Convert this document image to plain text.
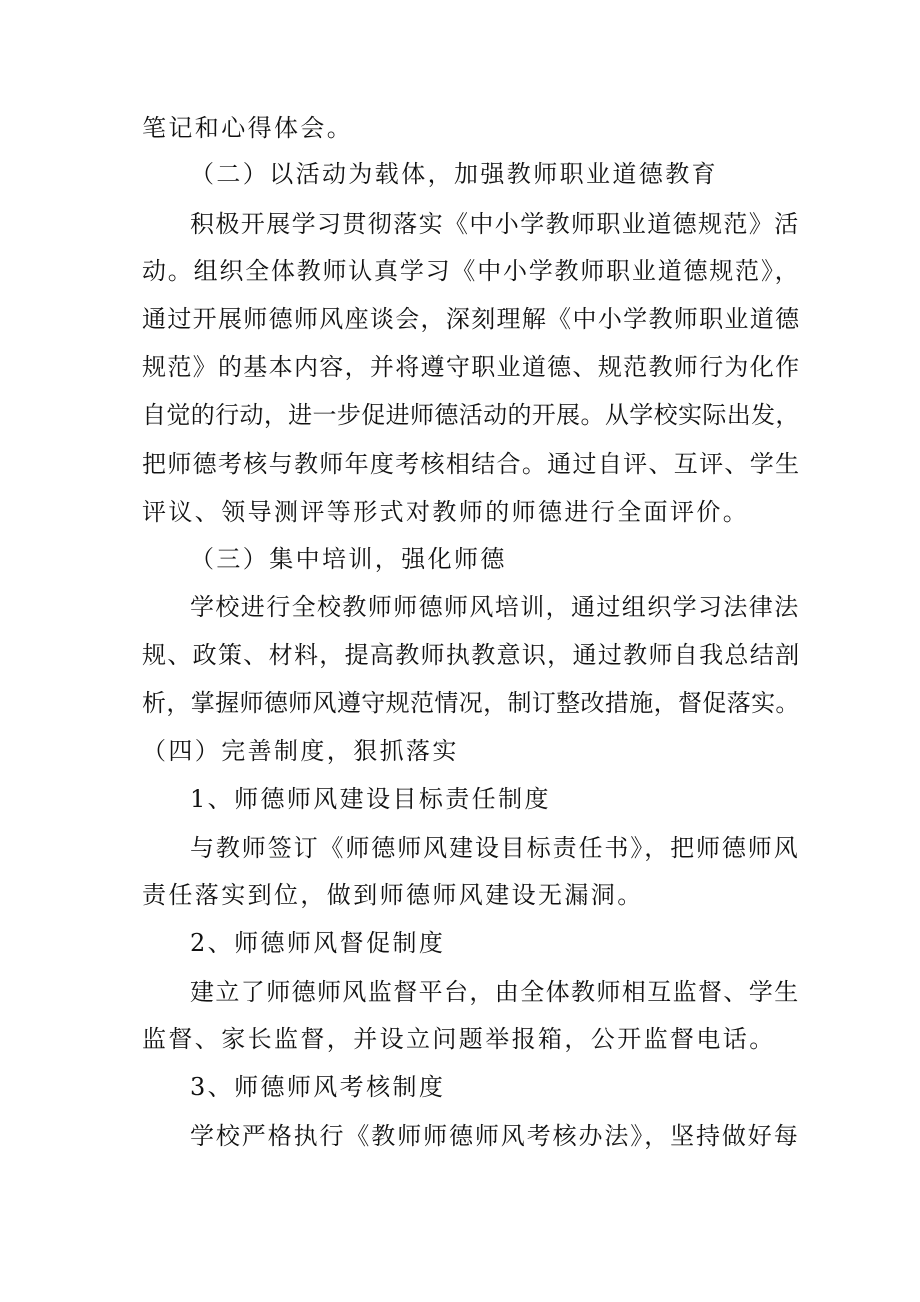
笔记和心得体会。
（二）以活动为载体，加强教师职业道德教育
积极开展学习贯彻落实《中小学教师职业道德规范》活
动。组织全体教师认真学习《中小学教师职业道德规范》，
通过开展师德师风座谈会，深刻理解《中小学教师职业道德
规范》的基本内容，并将遵守职业道德、规范教师行为化作
自觉的行动，进一步促进师德活动的开展。从学校实际出发，
把师德考核与教师年度考核相结合。通过自评、互评、学生
评议、领导测评等形式对教师的师德进行全面评价。
（三）集中培训，强化师德
学校进行全校教师师德师风培训，通过组织学习法律法
规、政策、材料，提高教师执教意识，通过教师自我总结剖
析，掌握师德师风遵守规范情况，制订整改措施，督促落实。
（四）完善制度，狠抓落实
1、师德师风建设目标责任制度
与教师签订《师德师风建设目标责任书》，把师德师风
责任落实到位，做到师德师风建设无漏洞。
2、师德师风督促制度
建立了师德师风监督平台，由全体教师相互监督、学生
监督、家长监督，并设立问题举报箱，公开监督电话。
3、师德师风考核制度
学校严格执行《教师师德师风考核办法》，坚持做好每
